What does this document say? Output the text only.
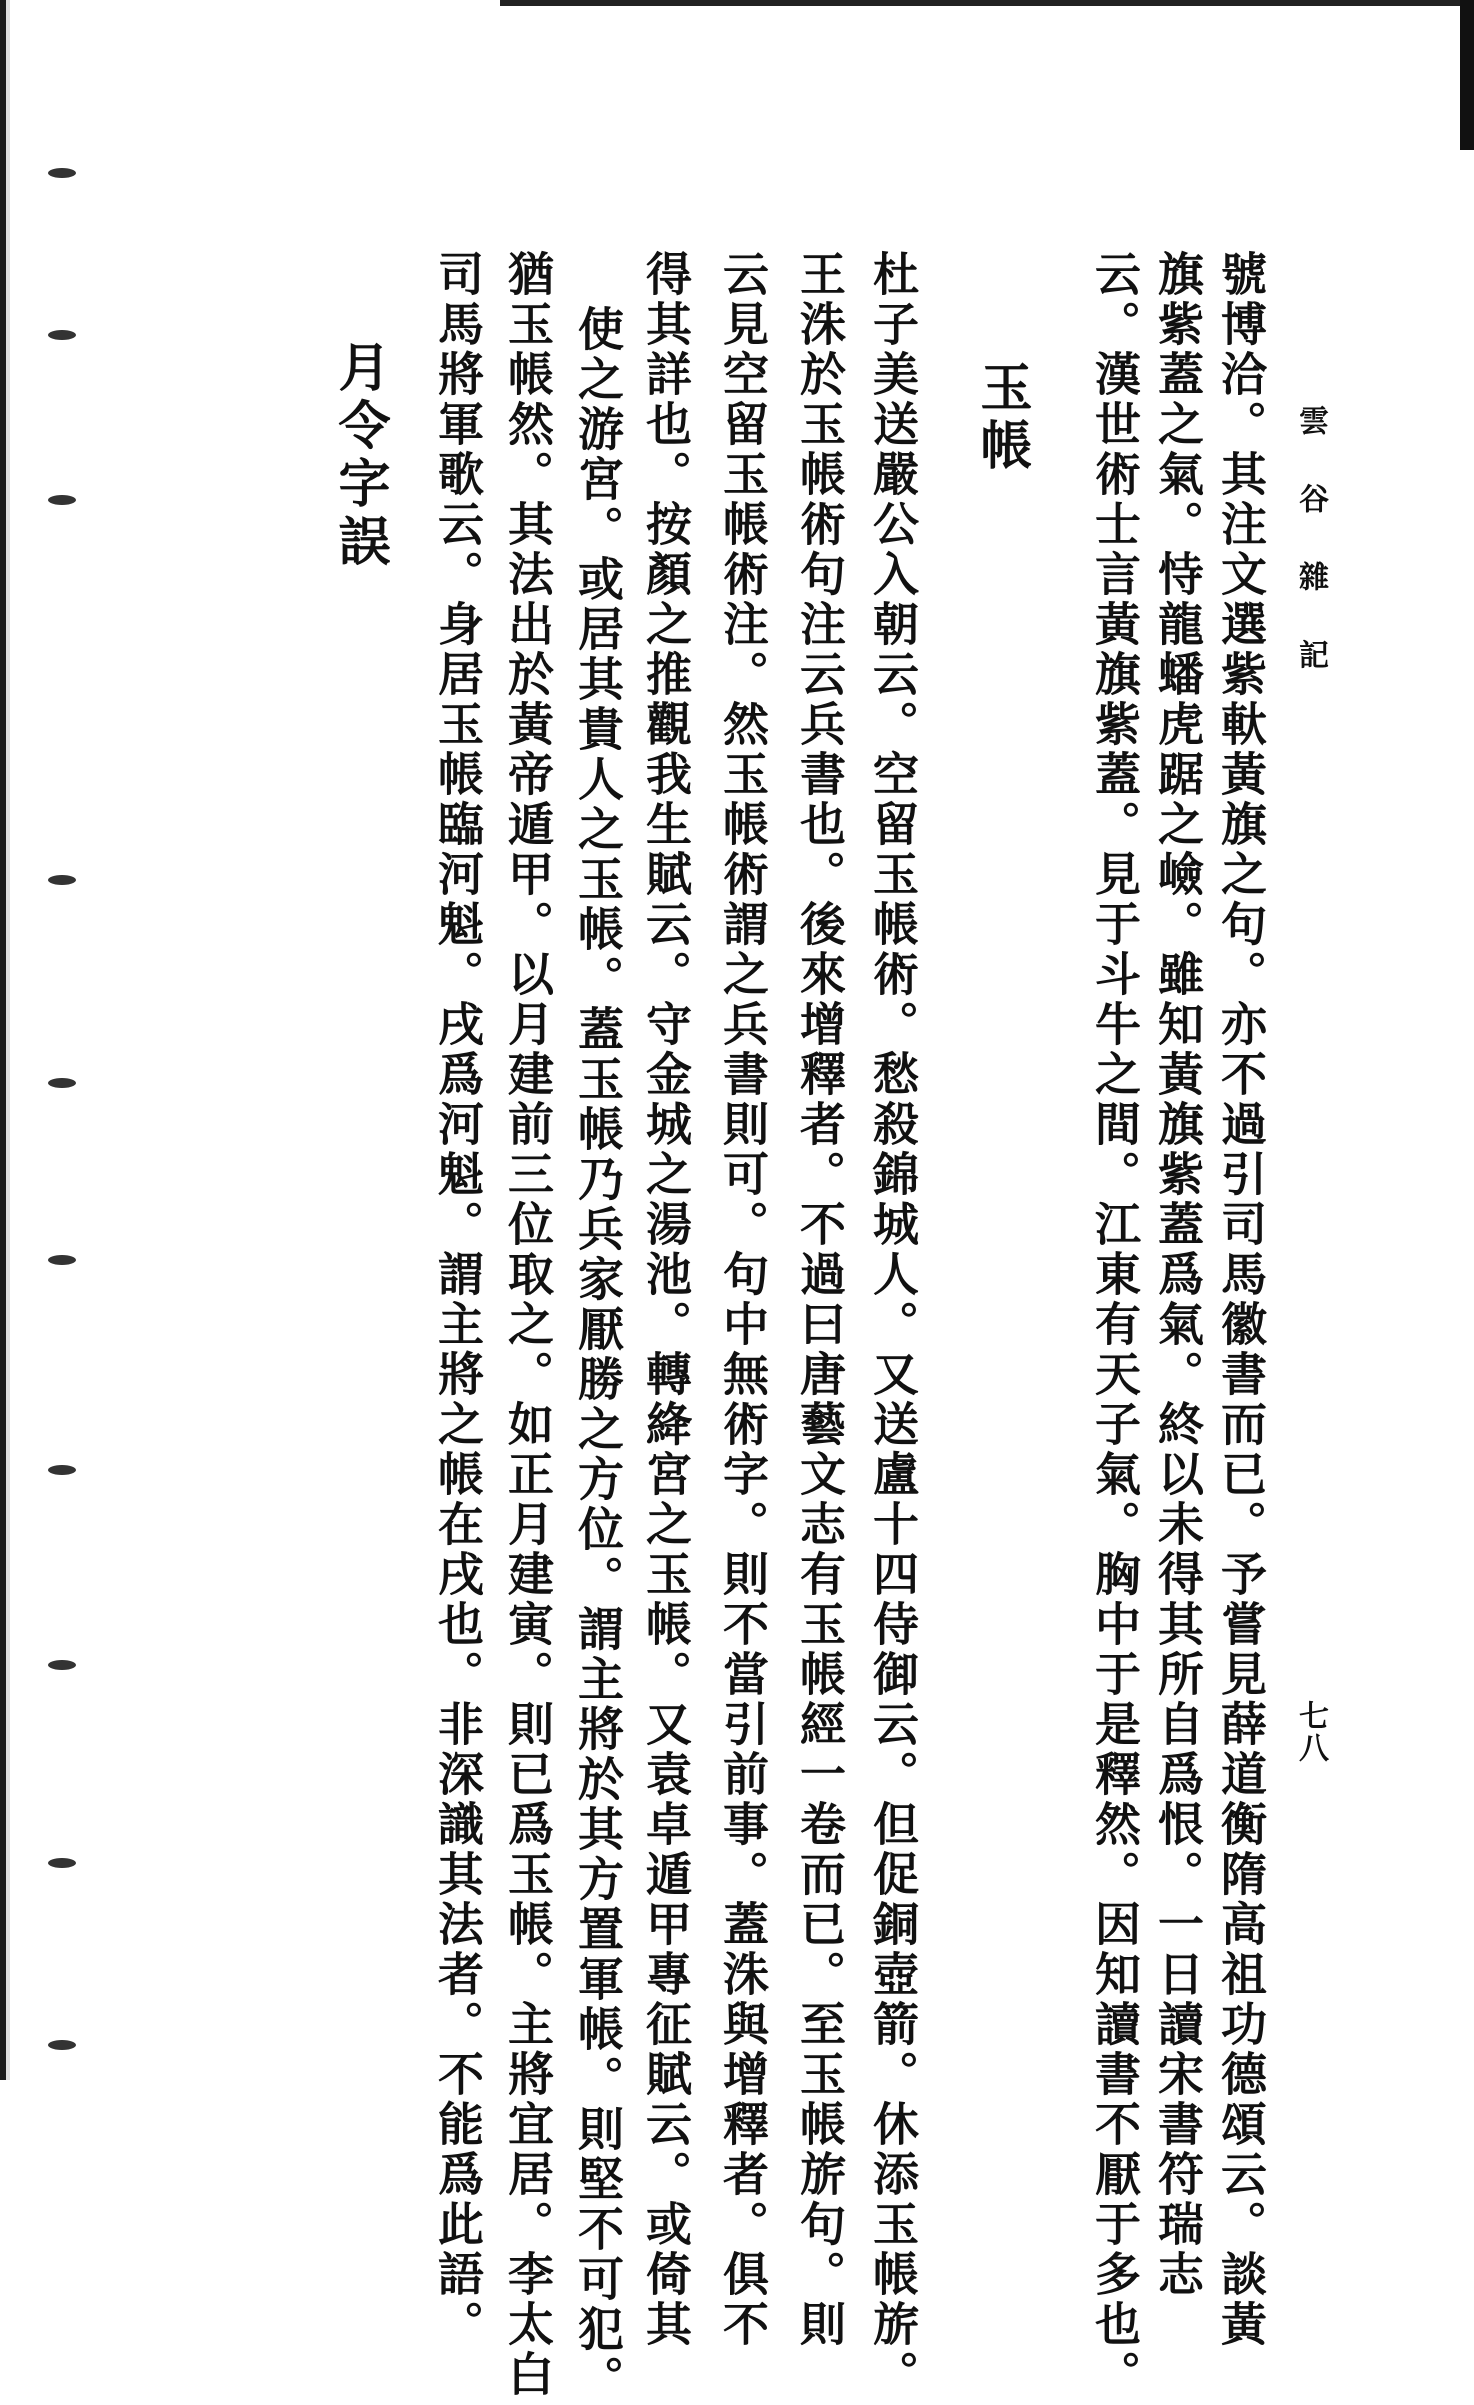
雲谷雜記
七八
云。漢世術士言黃旗紫蓋。見于斗牛之間。江東有天子氣。胸中于是釋然。因知讀書不厭于多也。 旗紫蓋之氣。恃龍蟠虎踞之嶮。雖知黃旗紫蓋爲氣。終以未得其所自爲恨。一日讀宋書符瑞志 號博洽。其注文選紫軑黃旗之句。亦不過引司馬徽書而已。予嘗見薛道衡隋高祖功德頌云。談黃
玉帳
杜子美送嚴公入朝云。空留玉帳術。愁殺錦城人。又送盧十四侍御云。但促銅壺箭。休添玉帳旂。
王洙於玉帳術句注云兵書也。後來增釋者。不過曰唐藝文志有玉帳經一卷而已。至玉帳旂句。則
云見空留玉帳術注。然玉帳術謂之兵書則可。句中無術字。則不當引前事。蓋洙與增釋者。俱不
得其詳也。按顏之推觀我生賦云。守金城之湯池。轉絳宮之玉帳。又袁卓遁甲專征賦云。或倚其
使之游宮。或居其貴人之玉帳。蓋玉帳乃兵家厭勝之方位。謂主將於其方置軍帳。則堅不可犯。
猶玉帳然。其法出於黃帝遁甲。以月建前三位取之。如正月建寅。則已爲玉帳。主將宜居。李太白
司馬將軍歌云。身居玉帳臨河魁。戌爲河魁。謂主將之帳在戌也。非深識其法者。不能爲此語。
月令字誤
